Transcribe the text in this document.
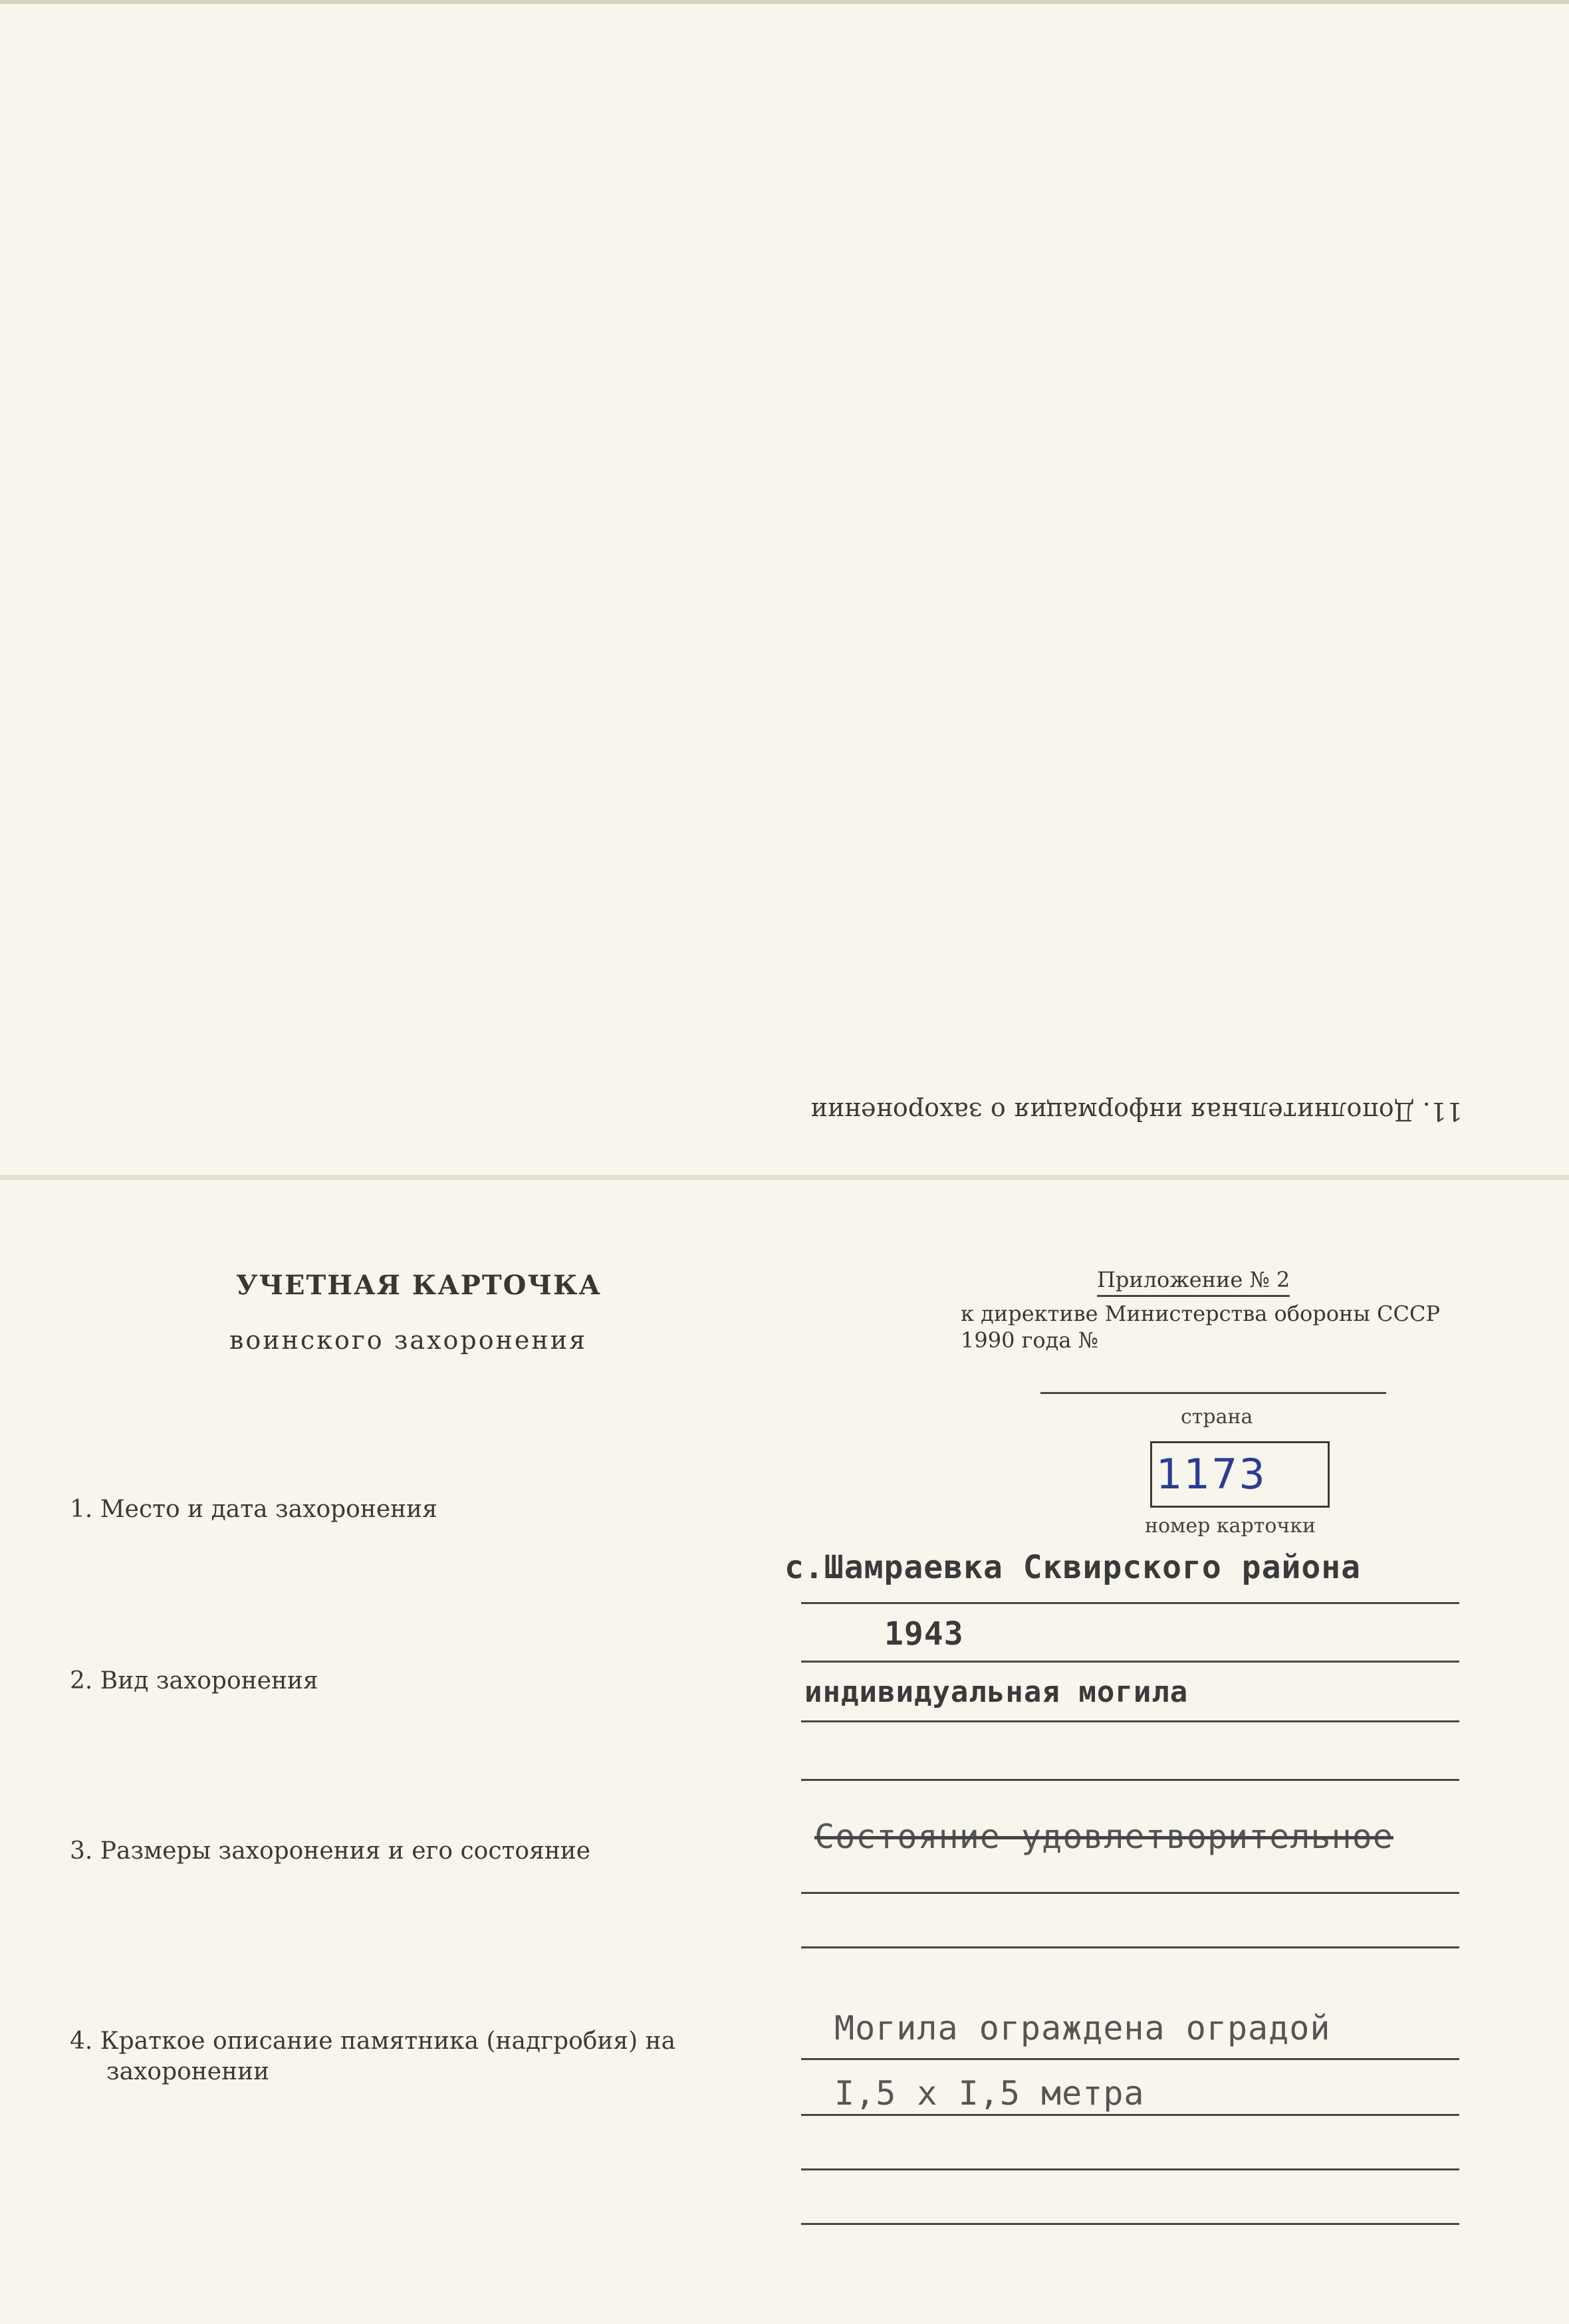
11. Дополнительная информация о захоронении
УЧЕТНАЯ КАРТОЧКА
воинского захоронения
Приложение № 2
к директиве Министерства обороны СССР
1990 года №
страна
1173
номер карточки
1. Место и дата захоронения
с.Шамраевка Сквирского района
1943
2. Вид захоронения	индивидуальная могила
3. Размеры захоронения и его состояние	Состояние удовлетворительное
4. Краткое описание памятника (надгробия) на
захоронении
Могила ограждена оградой
I,5 x I,5 метра
